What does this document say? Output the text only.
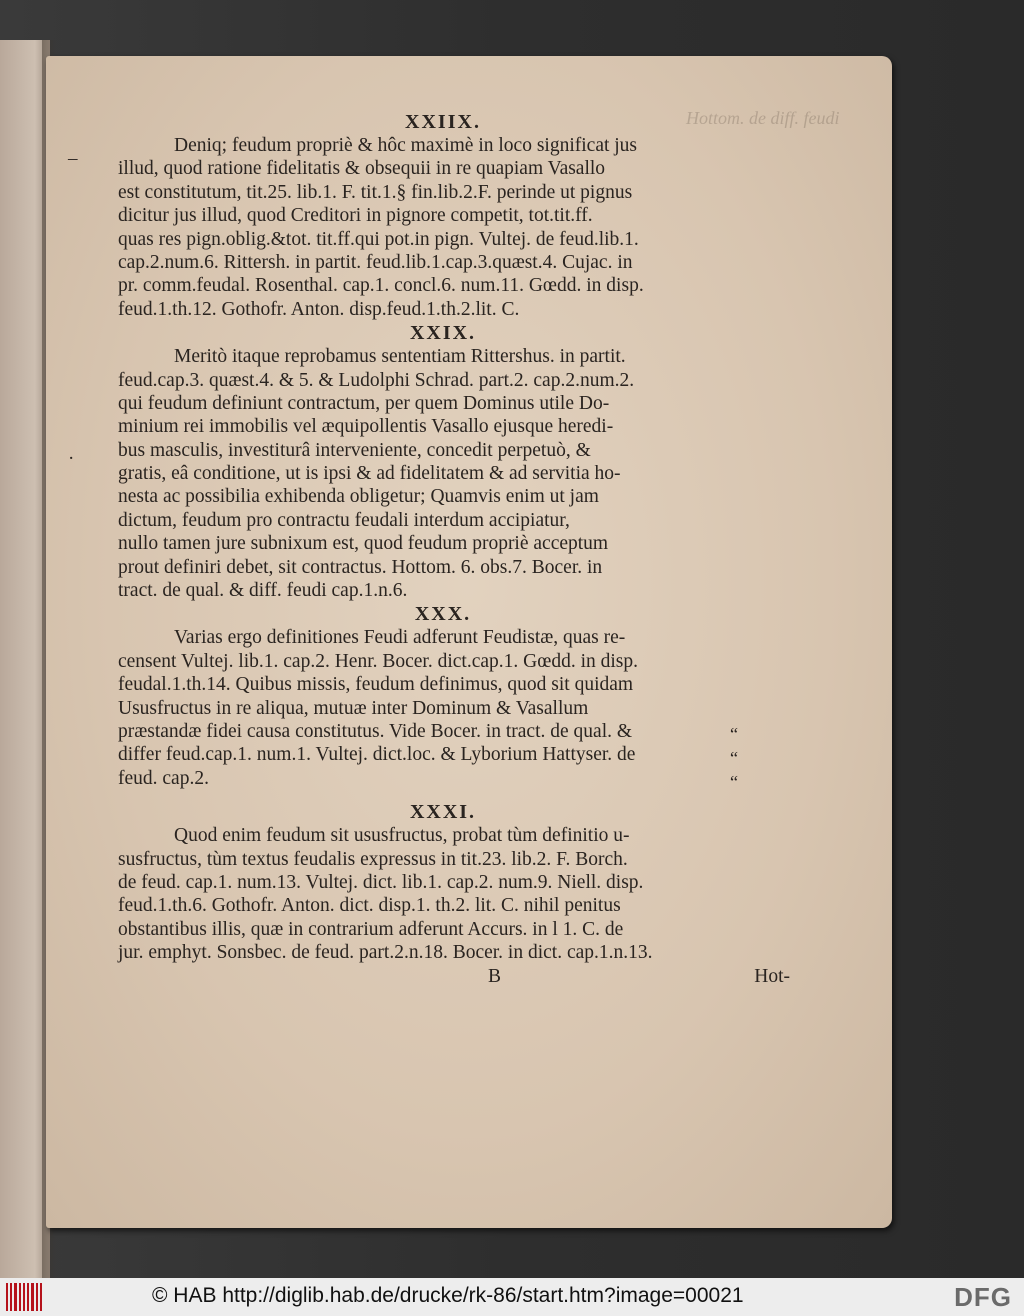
Hottom. de diff. feudi
–
·
XXIIX.
Deniq; feudum propriè & hôc maximè in loco significat jus
illud, quod ratione fidelitatis & obsequii in re quapiam Vasallo
est constitutum, tit.25. lib.1. F. tit.1.§ fin.lib.2.F. perinde ut pignus
dicitur jus illud, quod Creditori in pignore competit, tot.tit.ff.
quas res pign.oblig.&tot. tit.ff.qui pot.in pign. Vultej. de feud.lib.1.
cap.2.num.6. Rittersh. in partit. feud.lib.1.cap.3.quæst.4. Cujac. in
pr. comm.feudal. Rosenthal. cap.1. concl.6. num.11. Gœdd. in disp.
feud.1.th.12. Gothofr. Anton. disp.feud.1.th.2.lit. C.
XXIX.
Meritò itaque reprobamus sententiam Rittershus. in partit.
feud.cap.3. quæst.4. & 5. & Ludolphi Schrad. part.2. cap.2.num.2.
qui feudum definiunt contractum, per quem Dominus utile Do-
minium rei immobilis vel æquipollentis Vasallo ejusque heredi-
bus masculis, investiturâ interveniente, concedit perpetuò, &
gratis, eâ conditione, ut is ipsi & ad fidelitatem & ad servitia ho-
nesta ac possibilia exhibenda obligetur; Quamvis enim ut jam
dictum, feudum pro contractu feudali interdum accipiatur,
nullo tamen jure subnixum est, quod feudum propriè acceptum
prout definiri debet, sit contractus. Hottom. 6. obs.7. Bocer. in
tract. de qual. & diff. feudi cap.1.n.6.
XXX.
Varias ergo definitiones Feudi adferunt Feudistæ, quas re-
censent Vultej. lib.1. cap.2. Henr. Bocer. dict.cap.1. Gœdd. in disp.
feudal.1.th.14. Quibus missis, feudum definimus, quod sit quidam
Ususfructus in re aliqua, mutuæ inter Dominum & Vasallum
præstandæ fidei causa constitutus. Vide Bocer. in tract. de qual. &
differ feud.cap.1. num.1. Vultej. dict.loc. & Lyborium Hattyser. de
feud. cap.2.
XXXI.
Quod enim feudum sit ususfructus, probat tùm definitio u-
susfructus, tùm textus feudalis expressus in tit.23. lib.2. F. Borch.
de feud. cap.1. num.13. Vultej. dict. lib.1. cap.2. num.9. Niell. disp.
feud.1.th.6. Gothofr. Anton. dict. disp.1. th.2. lit. C. nihil penitus
obstantibus illis, quæ in contrarium adferunt Accurs. in l 1. C. de
jur. emphyt. Sonsbec. de feud. part.2.n.18. Bocer. in dict. cap.1.n.13.
B	Hot-
“
“
“
© HAB http://diglib.hab.de/drucke/rk-86/start.htm?image=00021	DFG
